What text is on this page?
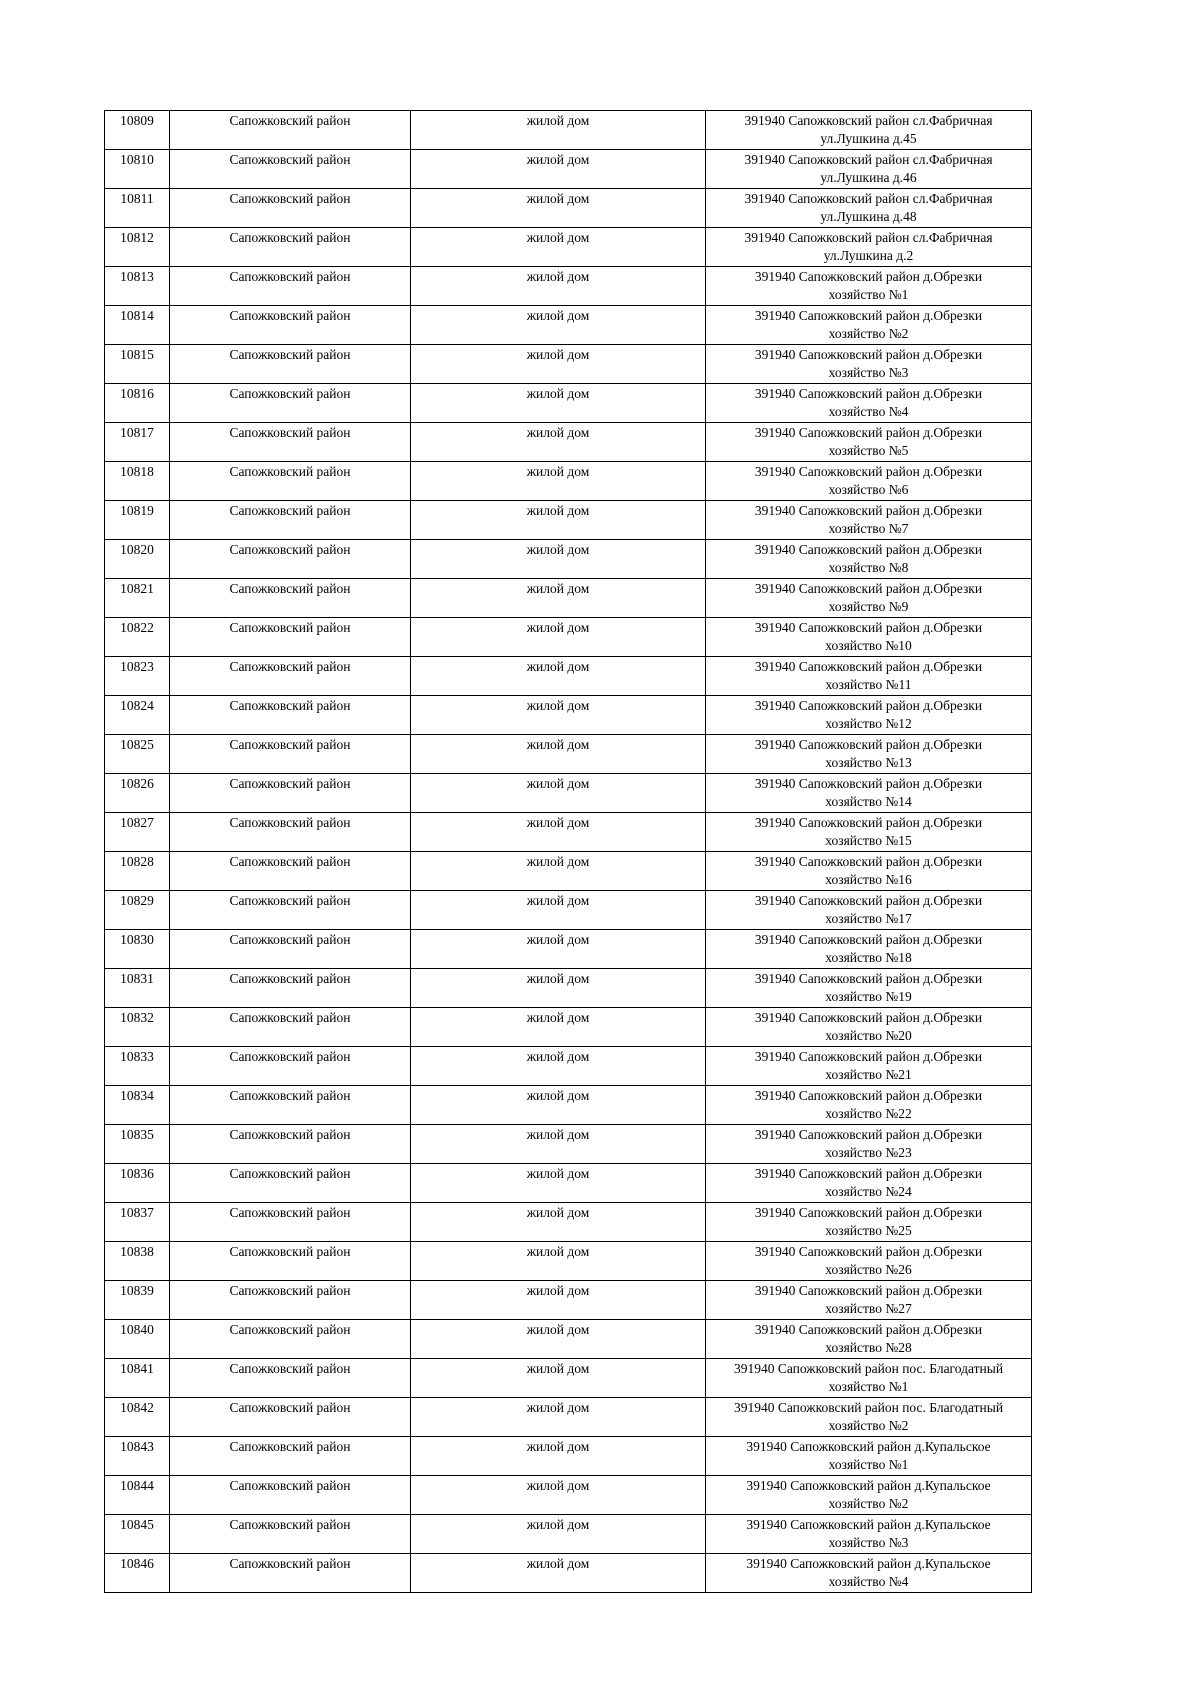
10809	Сапожковский район	жилой дом	391940 Сапожковский район сл.Фабричная
ул.Лушкина д.45

10810	Сапожковский район	жилой дом	391940 Сапожковский район сл.Фабричная
ул.Лушкина д.46

10811	Сапожковский район	жилой дом	391940 Сапожковский район сл.Фабричная
ул.Лушкина д.48

10812	Сапожковский район	жилой дом	391940 Сапожковский район сл.Фабричная
ул.Лушкина д.2

10813	Сапожковский район	жилой дом	391940 Сапожковский район д.Обрезки
хозяйство №1

10814	Сапожковский район	жилой дом	391940 Сапожковский район д.Обрезки
хозяйство №2

10815	Сапожковский район	жилой дом	391940 Сапожковский район д.Обрезки
хозяйство №3

10816	Сапожковский район	жилой дом	391940 Сапожковский район д.Обрезки
хозяйство №4

10817	Сапожковский район	жилой дом	391940 Сапожковский район д.Обрезки
хозяйство №5

10818	Сапожковский район	жилой дом	391940 Сапожковский район д.Обрезки
хозяйство №6

10819	Сапожковский район	жилой дом	391940 Сапожковский район д.Обрезки
хозяйство №7

10820	Сапожковский район	жилой дом	391940 Сапожковский район д.Обрезки
хозяйство №8

10821	Сапожковский район	жилой дом	391940 Сапожковский район д.Обрезки
хозяйство №9

10822	Сапожковский район	жилой дом	391940 Сапожковский район д.Обрезки
хозяйство №10

10823	Сапожковский район	жилой дом	391940 Сапожковский район д.Обрезки
хозяйство №11

10824	Сапожковский район	жилой дом	391940 Сапожковский район д.Обрезки
хозяйство №12

10825	Сапожковский район	жилой дом	391940 Сапожковский район д.Обрезки
хозяйство №13

10826	Сапожковский район	жилой дом	391940 Сапожковский район д.Обрезки
хозяйство №14

10827	Сапожковский район	жилой дом	391940 Сапожковский район д.Обрезки
хозяйство №15

10828	Сапожковский район	жилой дом	391940 Сапожковский район д.Обрезки
хозяйство №16

10829	Сапожковский район	жилой дом	391940 Сапожковский район д.Обрезки
хозяйство №17

10830	Сапожковский район	жилой дом	391940 Сапожковский район д.Обрезки
хозяйство №18

10831	Сапожковский район	жилой дом	391940 Сапожковский район д.Обрезки
хозяйство №19

10832	Сапожковский район	жилой дом	391940 Сапожковский район д.Обрезки
хозяйство №20

10833	Сапожковский район	жилой дом	391940 Сапожковский район д.Обрезки
хозяйство №21

10834	Сапожковский район	жилой дом	391940 Сапожковский район д.Обрезки
хозяйство №22

10835	Сапожковский район	жилой дом	391940 Сапожковский район д.Обрезки
хозяйство №23

10836	Сапожковский район	жилой дом	391940 Сапожковский район д.Обрезки
хозяйство №24

10837	Сапожковский район	жилой дом	391940 Сапожковский район д.Обрезки
хозяйство №25

10838	Сапожковский район	жилой дом	391940 Сапожковский район д.Обрезки
хозяйство №26

10839	Сапожковский район	жилой дом	391940 Сапожковский район д.Обрезки
хозяйство №27

10840	Сапожковский район	жилой дом	391940 Сапожковский район д.Обрезки
хозяйство №28

10841	Сапожковский район	жилой дом	391940 Сапожковский район пос. Благодатный
хозяйство №1

10842	Сапожковский район	жилой дом	391940 Сапожковский район пос. Благодатный
хозяйство №2

10843	Сапожковский район	жилой дом	391940 Сапожковский район д.Купальское
хозяйство №1

10844	Сапожковский район	жилой дом	391940 Сапожковский район д.Купальское
хозяйство №2

10845	Сапожковский район	жилой дом	391940 Сапожковский район д.Купальское
хозяйство №3

10846	Сапожковский район	жилой дом	391940 Сапожковский район д.Купальское
хозяйство №4
